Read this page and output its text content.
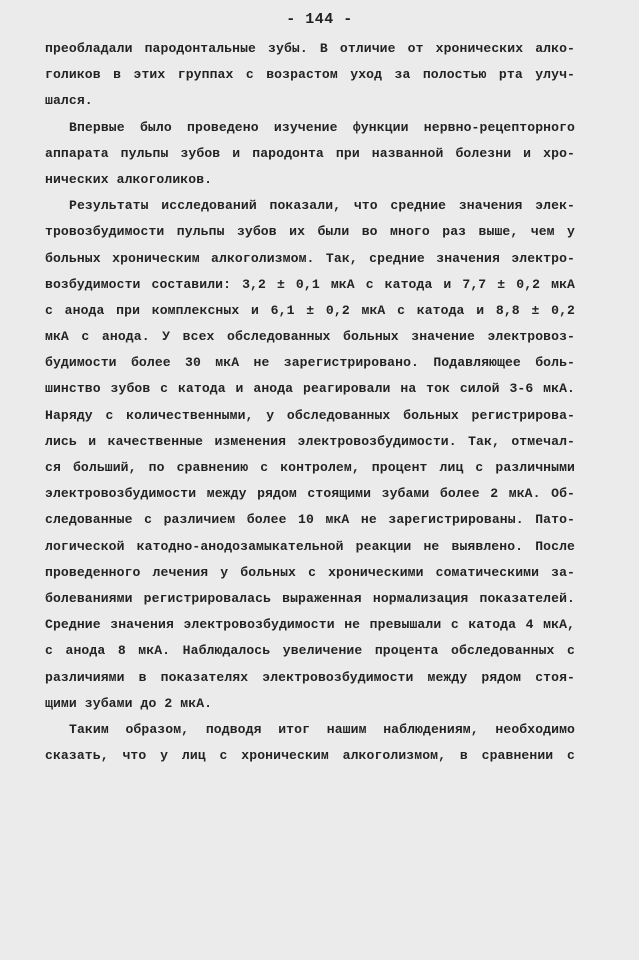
- 144 -
преобладали пародонтальные зубы. В отличие от хронических алко-
голиков в этих группах с возрастом уход за полостью рта улуч-
шался.
Впервые было проведено изучение функции нервно-рецепторного
аппарата пульпы зубов и пародонта при названной болезни и хро-
нических алкоголиков.
Результаты исследований показали, что средние значения элек-
тровозбудимости пульпы зубов их были во много раз выше, чем у
больных хроническим алкоголизмом. Так, средние значения электро-
возбудимости составили: 3,2 ± 0,1 мкА с катода и 7,7 ± 0,2 мкА
с анода при комплексных и 6,1 ± 0,2 мкА с катода и 8,8 ± 0,2
мкА с анода. У всех обследованных больных значение электровоз-
будимости более 30 мкА не зарегистрировано. Подавляющее боль-
шинство зубов с катода и анода реагировали на ток силой 3-6 мкА.
Наряду с количественными, у обследованных больных регистрирова-
лись и качественные изменения электровозбудимости. Так, отмечал-
ся больший, по сравнению с контролем, процент лиц с различными
электровозбудимости между рядом стоящими зубами более 2 мкА. Об-
следованные с различием более 10 мкА не зарегистрированы. Пато-
логической катодно-анодозамыкательной реакции не выявлено. После
проведенного лечения у больных с хроническими соматическими за-
болеваниями регистрировалась выраженная нормализация показателей.
Средние значения электровозбудимости не превышали с катода 4 мкА,
с анода 8 мкА. Наблюдалось увеличение процента обследованных с
различиями в показателях электровозбудимости между рядом стоя-
щими зубами до 2 мкА.
Таким образом, подводя итог нашим наблюдениям, необходимо
сказать, что у лиц с хроническим алкоголизмом, в сравнении с
